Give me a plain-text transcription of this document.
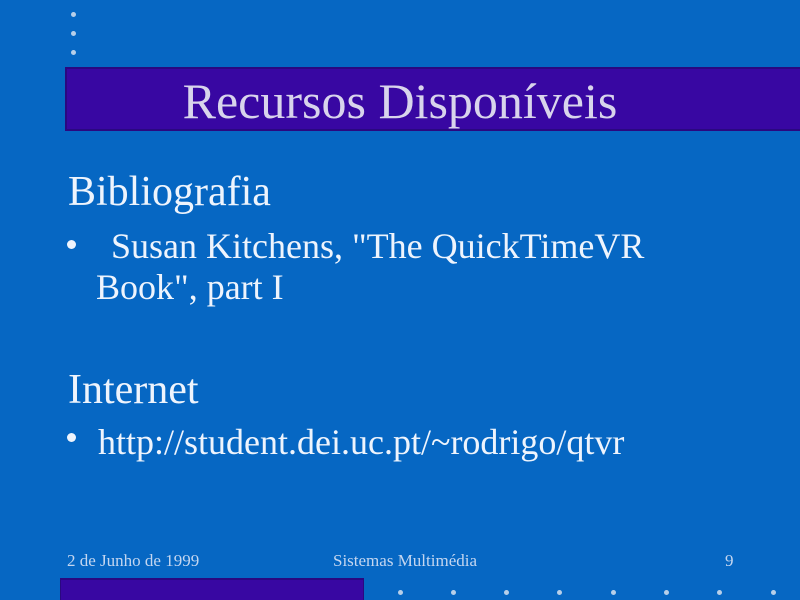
Recursos Disponíveis
Bibliografia
Susan Kitchens, "The QuickTimeVR
Book", part I
Internet
http://student.dei.uc.pt/~rodrigo/qtvr
2 de Junho de 1999	Sistemas Multimédia	9
